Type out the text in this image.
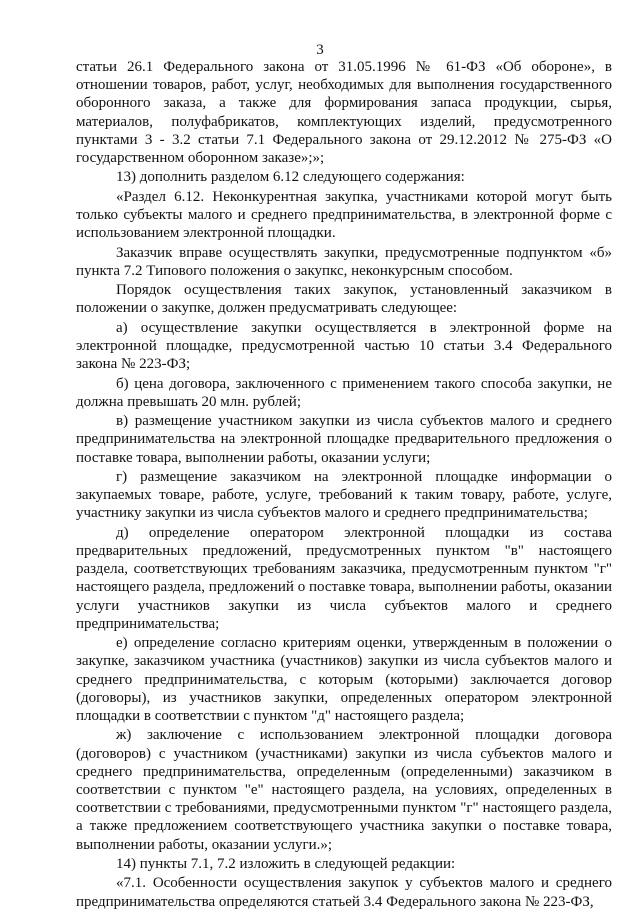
3

статьи 26.1 Федерального закона от 31.05.1996 № 61-ФЗ «Об обороне», в отношении товаров, работ, услуг, необходимых для выполнения государственного оборонного заказа, а также для формирования запаса продукции, сырья, материалов, полуфабрикатов, комплектующих изделий, предусмотренного пунктами 3 - 3.2 статьи 7.1 Федерального закона от 29.12.2012 № 275-ФЗ «О государственном оборонном заказе»;»;

13) дополнить разделом 6.12 следующего содержания:

«Раздел 6.12. Неконкурентная закупка, участниками которой могут быть только субъекты малого и среднего предпринимательства, в электронной форме с использованием электронной площадки.

Заказчик вправе осуществлять закупки, предусмотренные подпунктом «б» пункта 7.2 Типового положения о закупкс, неконкурсным способом.

Порядок осуществления таких закупок, установленный заказчиком в положении о закупке, должен предусматривать следующее:

а) осуществление закупки осуществляется в электронной форме на электронной площадке, предусмотренной частью 10 статьи 3.4 Федерального закона № 223-ФЗ;

б) цена договора, заключенного с применением такого способа закупки, не должна превышать 20 млн. рублей;

в) размещение участником закупки из числа субъектов малого и среднего предпринимательства на электронной площадке предварительного предложения о поставке товара, выполнении работы, оказании услуги;

г) размещение заказчиком на электронной площадке информации о закупаемых товаре, работе, услуге, требований к таким товару, работе, услуге, участнику закупки из числа субъектов малого и среднего предпринимательства;

д) определение оператором электронной площадки из состава предварительных предложений, предусмотренных пунктом "в" настоящего раздела, соответствующих требованиям заказчика, предусмотренным пунктом "г" настоящего раздела, предложений о поставке товара, выполнении работы, оказании услуги участников закупки из числа субъектов малого и среднего предпринимательства;

е) определение согласно критериям оценки, утвержденным в положении о закупке, заказчиком участника (участников) закупки из числа субъектов малого и среднего предпринимательства, с которым (которыми) заключается договор (договоры), из участников закупки, определенных оператором электронной площадки в соответствии с пунктом "д" настоящего раздела;

ж) заключение с использованием электронной площадки договора (договоров) с участником (участниками) закупки из числа субъектов малого и среднего предпринимательства, определенным (определенными) заказчиком в соответствии с пунктом "е" настоящего раздела, на условиях, определенных в соответствии с требованиями, предусмотренными пунктом "г" настоящего раздела, а также предложением соответствующего участника закупки о поставке товара, выполнении работы, оказании услуги.»;

14) пункты 7.1, 7.2 изложить в следующей редакции:

«7.1. Особенности осуществления закупок у субъектов малого и среднего предпринимательства определяются статьей 3.4 Федерального закона № 223-ФЗ,
